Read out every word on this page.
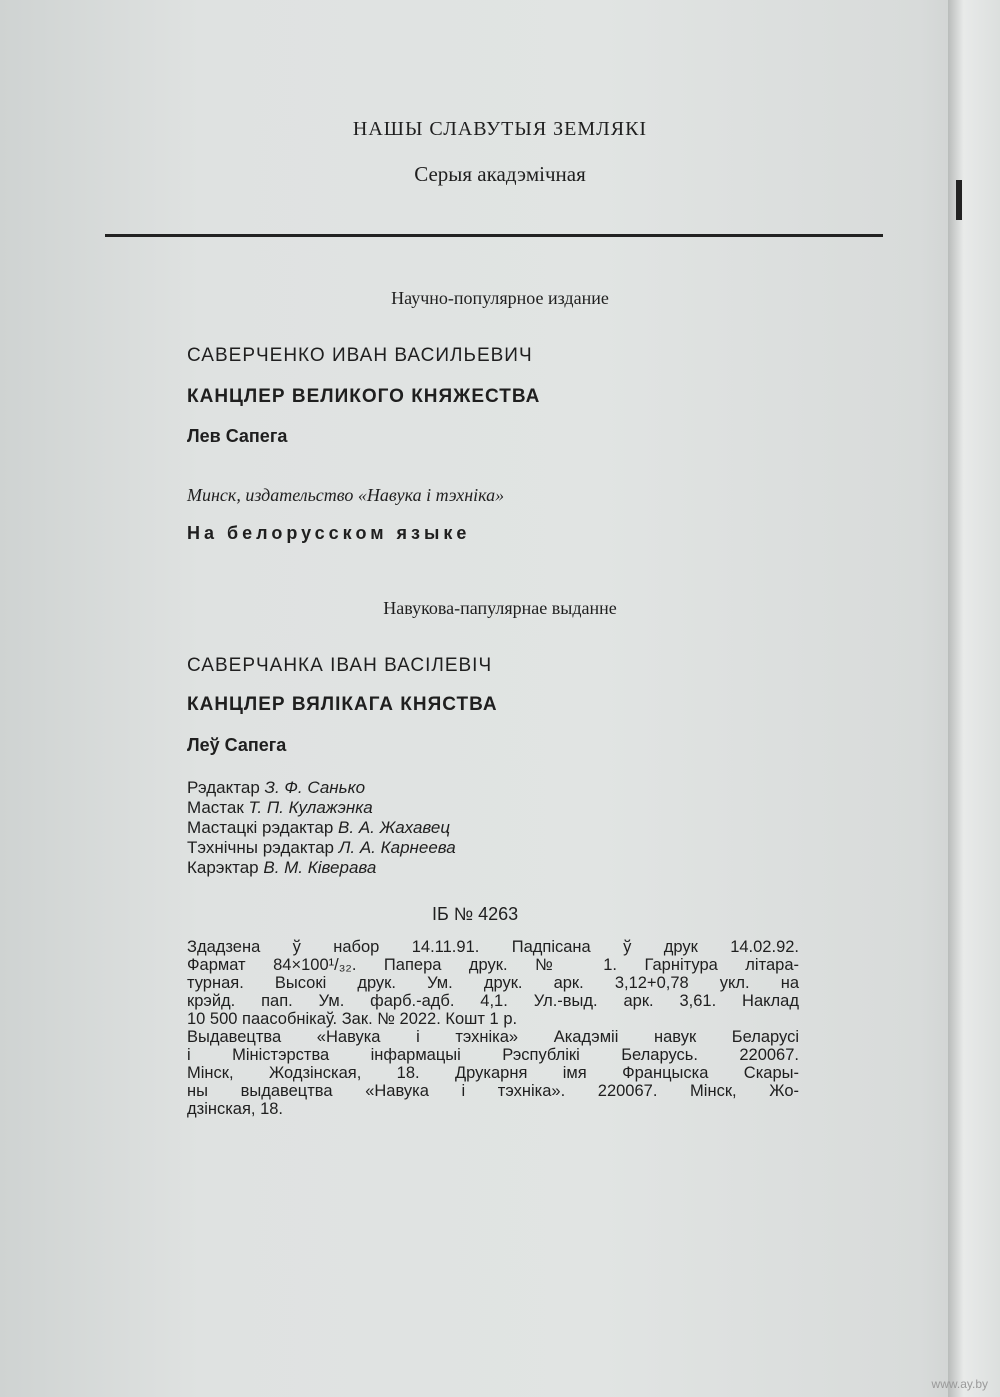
НАШЫ СЛАВУТЫЯ ЗЕМЛЯКІ
Серыя акадэмічная
Научно-популярное издание
САВЕРЧЕНКО ИВАН ВАСИЛЬЕВИЧ
КАНЦЛЕР ВЕЛИКОГО КНЯЖЕСТВА
Лев Сапега
Минск, издательство «Навука і тэхніка»
На белорусском языке
Навукова-папулярнае выданне
САВЕРЧАНКА ІВАН ВАСІЛЕВІЧ
КАНЦЛЕР ВЯЛІКАГА КНЯСТВА
Леў Сапега
Рэдактар З. Ф. Санько
Мастак Т. П. Кулажэнка
Мастацкі рэдактар В. А. Жахавец
Тэхнічны рэдактар Л. А. Карнеева
Карэктар В. М. Ківерава
ІБ № 4263
Здадзена ў набор 14.11.91. Падпісана ў друк 14.02.92.
Фармат 84×100¹/₃₂. Папера друк. № 1. Гарнітура літара-
турная. Высокі друк. Ум. друк. арк. 3,12+0,78 укл. на
крэйд. пап. Ум. фарб.-адб. 4,1. Ул.-выд. арк. 3,61. Наклад
10 500 паасобнікаў. Зак. № 2022. Кошт 1 р.
Выдавецтва «Навука і тэхніка» Акадэміі навук Беларусі
і Міністэрства інфармацыі Рэспублікі Беларусь. 220067.
Мінск, Жодзінская, 18. Друкарня імя Францыска Скары-
ны выдавецтва «Навука і тэхніка». 220067. Мінск, Жо-
дзінская, 18.
www.ay.by
